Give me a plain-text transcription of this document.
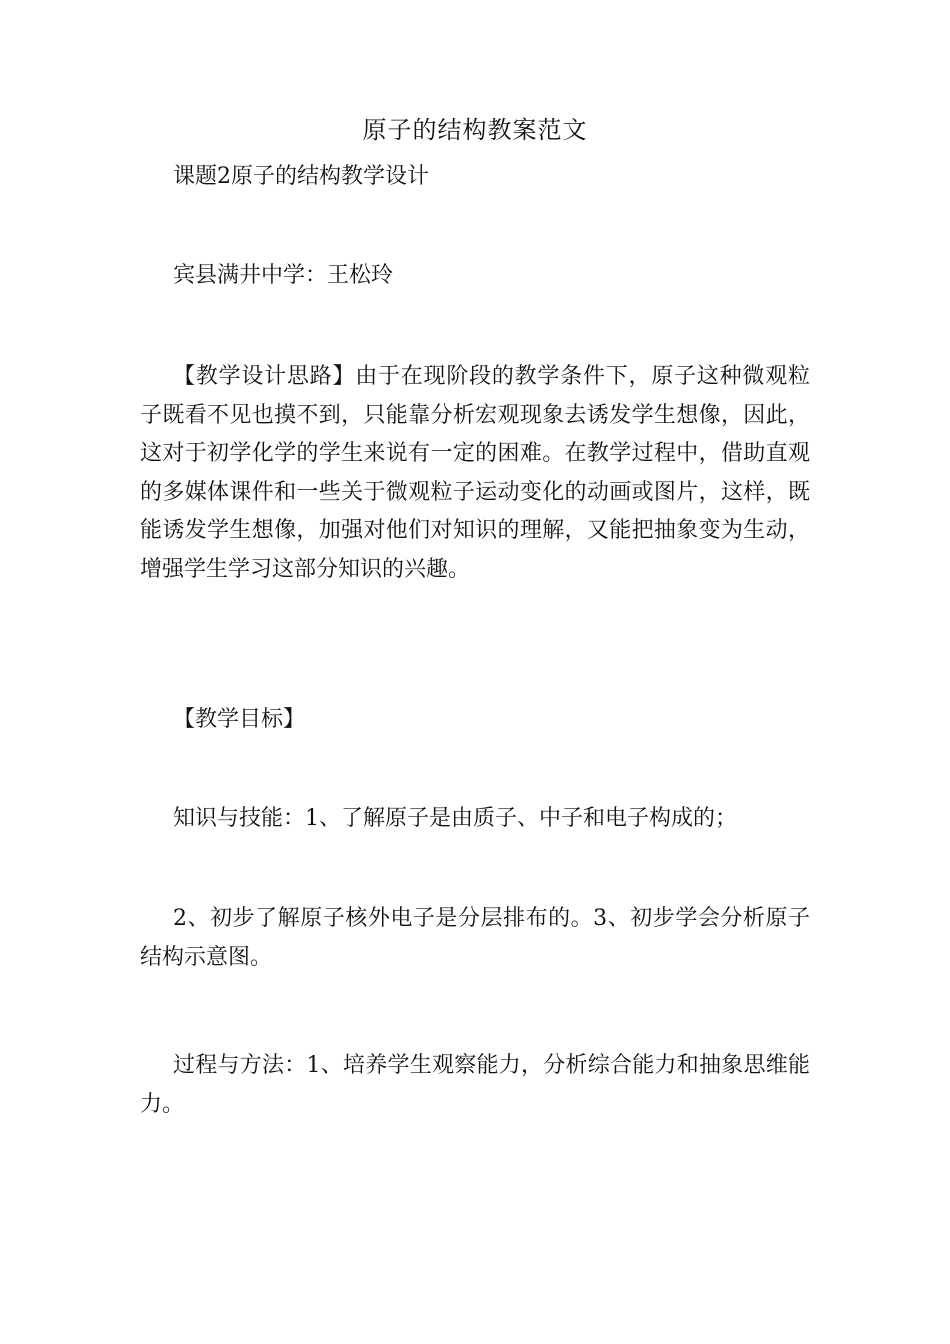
原子的结构教案范文

课题2原子的结构教学设计

宾县满井中学：王松玲

【教学设计思路】由于在现阶段的教学条件下，原子这种微观粒子既看不见也摸不到，只能靠分析宏观现象去诱发学生想像，因此，这对于初学化学的学生来说有一定的困难。在教学过程中，借助直观的多媒体课件和一些关于微观粒子运动变化的动画或图片，这样，既能诱发学生想像，加强对他们对知识的理解，又能把抽象变为生动，增强学生学习这部分知识的兴趣。

【教学目标】

知识与技能：1、了解原子是由质子、中子和电子构成的；

2、初步了解原子核外电子是分层排布的。3、初步学会分析原子结构示意图。

过程与方法：1、培养学生观察能力，分析综合能力和抽象思维能力。
